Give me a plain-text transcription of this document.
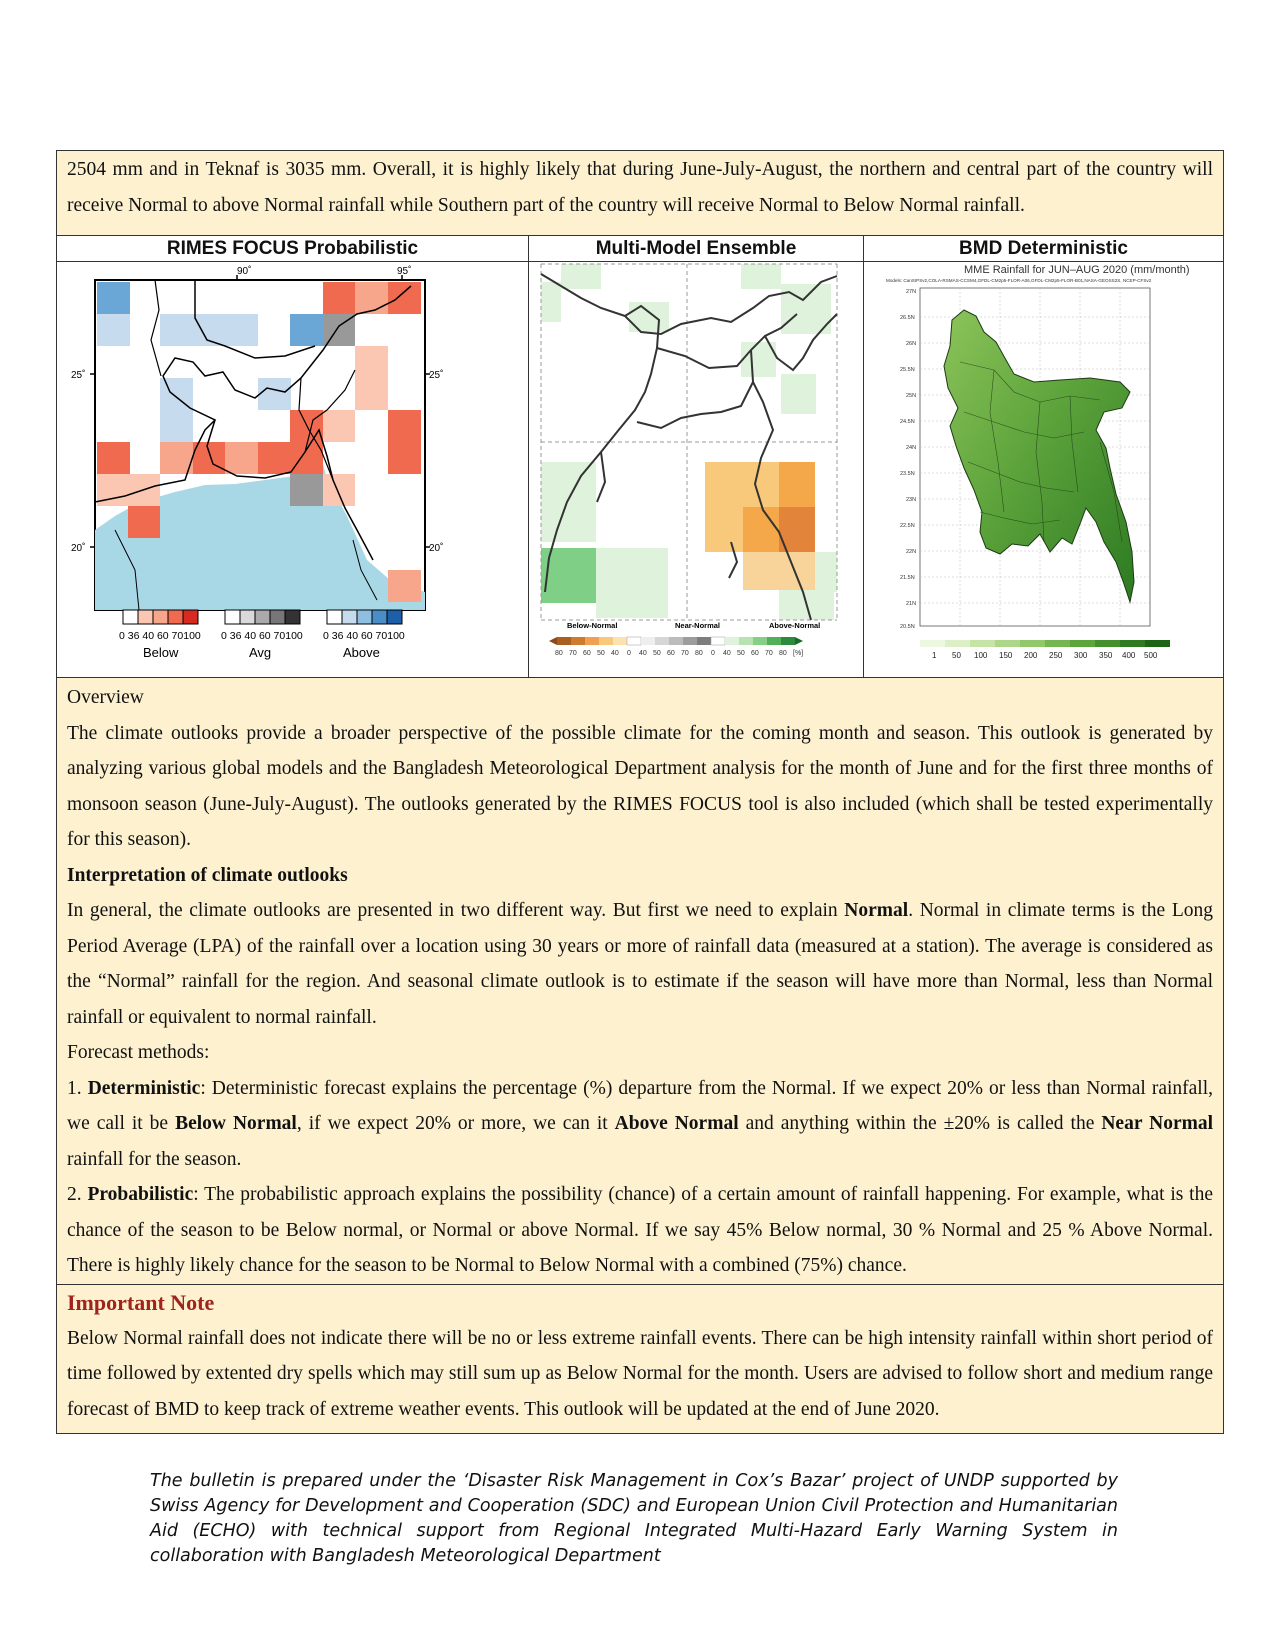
2504 mm and in Teknaf is 3035 mm. Overall, it is highly likely that during June-July-August, the northern and central part of the country will receive Normal to above Normal rainfall while Southern part of the country will receive Normal to Below Normal rainfall.

RIMES FOCUS Probabilistic
90˚	95˚
25˚	25˚
20˚	20˚
0 36 40 60 70100 0 36 40 60 70100 0 36 40 60 70100
Below	Avg	Above
Multi-Model Ensemble
Below-Normal	Near-Normal	Above-Normal
80 70 60 50 40 0 40 50 60 70 80 0 40 50 60 70 80 [%]
BMD Deterministic
MME Rainfall for JUN–AUG 2020 (mm/month)
Models: CanSIPSv2,COLA-RSMAS-CCSM4,GFDL-CM2p5-FLOR-A06,GFDL-CM2p5-FLOR-B01,NASA-GEOSS2S, NCEP-CFSv2
27N
26.5N
26N
25.5N
25N
24.5N
24N
23.5N
23N
22.5N
22N
21.5N
21N
20.5N
1 50 100 150 200 250 300 350 400 500
Overview

The climate outlooks provide a broader perspective of the possible climate for the coming month and season. This outlook is generated by analyzing various global models and the Bangladesh Meteorological Department analysis for the month of June and for the first three months of monsoon season (June-July-August). The outlooks generated by the RIMES FOCUS tool is also included (which shall be tested experimentally for this season).

Interpretation of climate outlooks

In general, the climate outlooks are presented in two different way. But first we need to explain Normal. Normal in climate terms is the Long Period Average (LPA) of the rainfall over a location using 30 years or more of rainfall data (measured at a station). The average is considered as the “Normal” rainfall for the region. And seasonal climate outlook is to estimate if the season will have more than Normal, less than Normal rainfall or equivalent to normal rainfall.

Forecast methods:

1. Deterministic: Deterministic forecast explains the percentage (%) departure from the Normal. If we expect 20% or less than Normal rainfall, we call it be Below Normal, if we expect 20% or more, we can it Above Normal and anything within the ±20% is called the Near Normal rainfall for the season.

2. Probabilistic: The probabilistic approach explains the possibility (chance) of a certain amount of rainfall happening. For example, what is the chance of the season to be Below normal, or Normal or above Normal. If we say 45% Below normal, 30 % Normal and 25 % Above Normal. There is highly likely chance for the season to be Normal to Below Normal with a combined (75%) chance.

Important Note

Below Normal rainfall does not indicate there will be no or less extreme rainfall events. There can be high intensity rainfall within short period of time followed by extented dry spells which may still sum up as Below Normal for the month. Users are advised to follow short and medium range forecast of BMD to keep track of extreme weather events. This outlook will be updated at the end of June 2020.

The bulletin is prepared under the ‘Disaster Risk Management in Cox’s Bazar’ project of UNDP supported by Swiss Agency for Development and Cooperation (SDC) and European Union Civil Protection and Humanitarian Aid (ECHO) with technical support from Regional Integrated Multi-Hazard Early Warning System in collaboration with Bangladesh Meteorological Department
